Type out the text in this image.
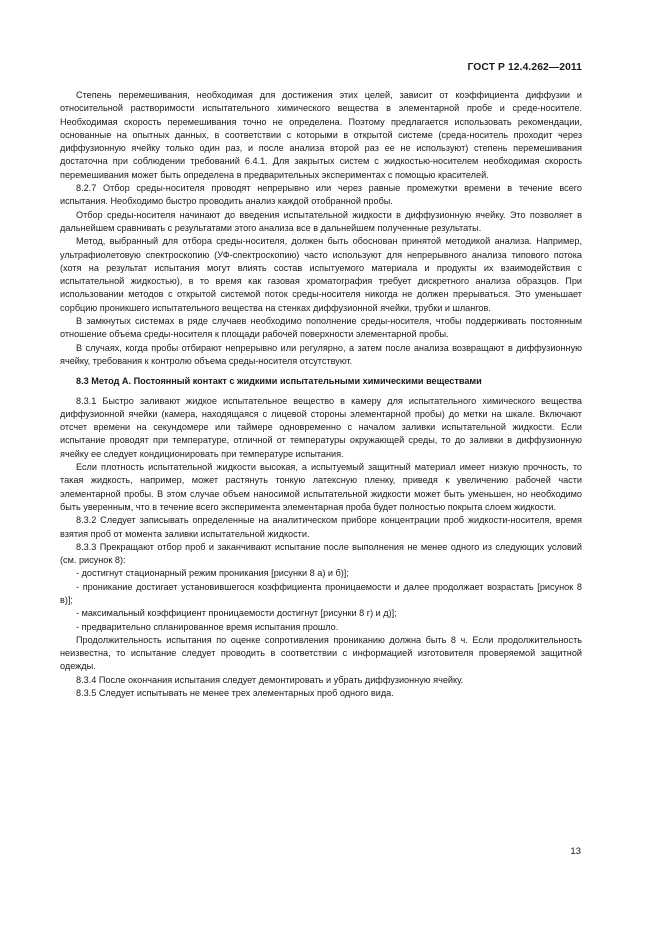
ГОСТ Р 12.4.262—2011

Степень перемешивания, необходимая для достижения этих целей, зависит от коэффициента диффузии и относительной растворимости испытательного химического вещества в элементарной пробе и среде-носителе. Необходимая скорость перемешивания точно не определена. Поэтому предлагается использовать рекомендации, основанные на опытных данных, в соответствии с которыми в открытой системе (среда-носитель проходит через диффузионную ячейку только один раз, и после анализа второй раз ее не используют) степень перемешивания достаточна при соблюдении требований 6.4.1. Для закрытых систем с жидкостью-носителем необходимая скорость перемешивания может быть определена в предварительных экспериментах с помощью красителей.

8.2.7 Отбор среды-носителя проводят непрерывно или через равные промежутки времени в течение всего испытания. Необходимо быстро проводить анализ каждой отобранной пробы.

Отбор среды-носителя начинают до введения испытательной жидкости в диффузионную ячейку. Это позволяет в дальнейшем сравнивать с результатами этого анализа все в дальнейшем полученные результаты.

Метод, выбранный для отбора среды-носителя, должен быть обоснован принятой методикой анализа. Например, ультрафиолетовую спектроскопию (УФ-спектроскопию) часто используют для непрерывного анализа типового потока (хотя на результат испытания могут влиять состав испытуемого материала и продукты их взаимодействия с испытательной жидкостью), в то время как газовая хроматография требует дискретного анализа образцов. При использовании методов с открытой системой поток среды-носителя никогда не должен прерываться. Это уменьшает сорбцию проникшего испытательного вещества на стенках диффузионной ячейки, трубки и шлангов.

В замкнутых системах в ряде случаев необходимо пополнение среды-носителя, чтобы поддерживать постоянным отношение объема среды-носителя к площади рабочей поверхности элементарной пробы.

В случаях, когда пробы отбирают непрерывно или регулярно, а затем после анализа возвращают в диффузионную ячейку, требования к контролю объема среды-носителя отсутствуют.

8.3 Метод А. Постоянный контакт с жидкими испытательными химическими веществами

8.3.1 Быстро заливают жидкое испытательное вещество в камеру для испытательного химического вещества диффузионной ячейки (камера, находящаяся с лицевой стороны элементарной пробы) до метки на шкале. Включают отсчет времени на секундомере или таймере одновременно с началом заливки испытательной жидкости. Если испытание проводят при температуре, отличной от температуры окружающей среды, то до заливки в диффузионную ячейку ее следует кондиционировать при температуре испытания.

Если плотность испытательной жидкости высокая, а испытуемый защитный материал имеет низкую прочность, то такая жидкость, например, может растянуть тонкую латексную пленку, приведя к увеличению рабочей части элементарной пробы. В этом случае объем наносимой испытательной жидкости может быть уменьшен, но необходимо быть уверенным, что в течение всего эксперимента элементарная проба будет полностью покрыта слоем жидкости.

8.3.2 Следует записывать определенные на аналитическом приборе концентрации проб жидкости-носителя, время взятия проб от момента заливки испытательной жидкости.

8.3.3 Прекращают отбор проб и заканчивают испытание после выполнения не менее одного из следующих условий (см. рисунок 8):

- достигнут стационарный режим проникания [рисунки 8 а) и б)];

- проникание достигает установившегося коэффициента проницаемости и далее продолжает возрастать [рисунок 8 в)];

- максимальный коэффициент проницаемости достигнут [рисунки 8 г) и д)];

- предварительно спланированное время испытания прошло.

Продолжительность испытания по оценке сопротивления прониканию должна быть 8 ч. Если продолжительность неизвестна, то испытание следует проводить в соответствии с информацией изготовителя проверяемой защитной одежды.

8.3.4 После окончания испытания следует демонтировать и убрать диффузионную ячейку.

8.3.5 Следует испытывать не менее трех элементарных проб одного вида.

13
